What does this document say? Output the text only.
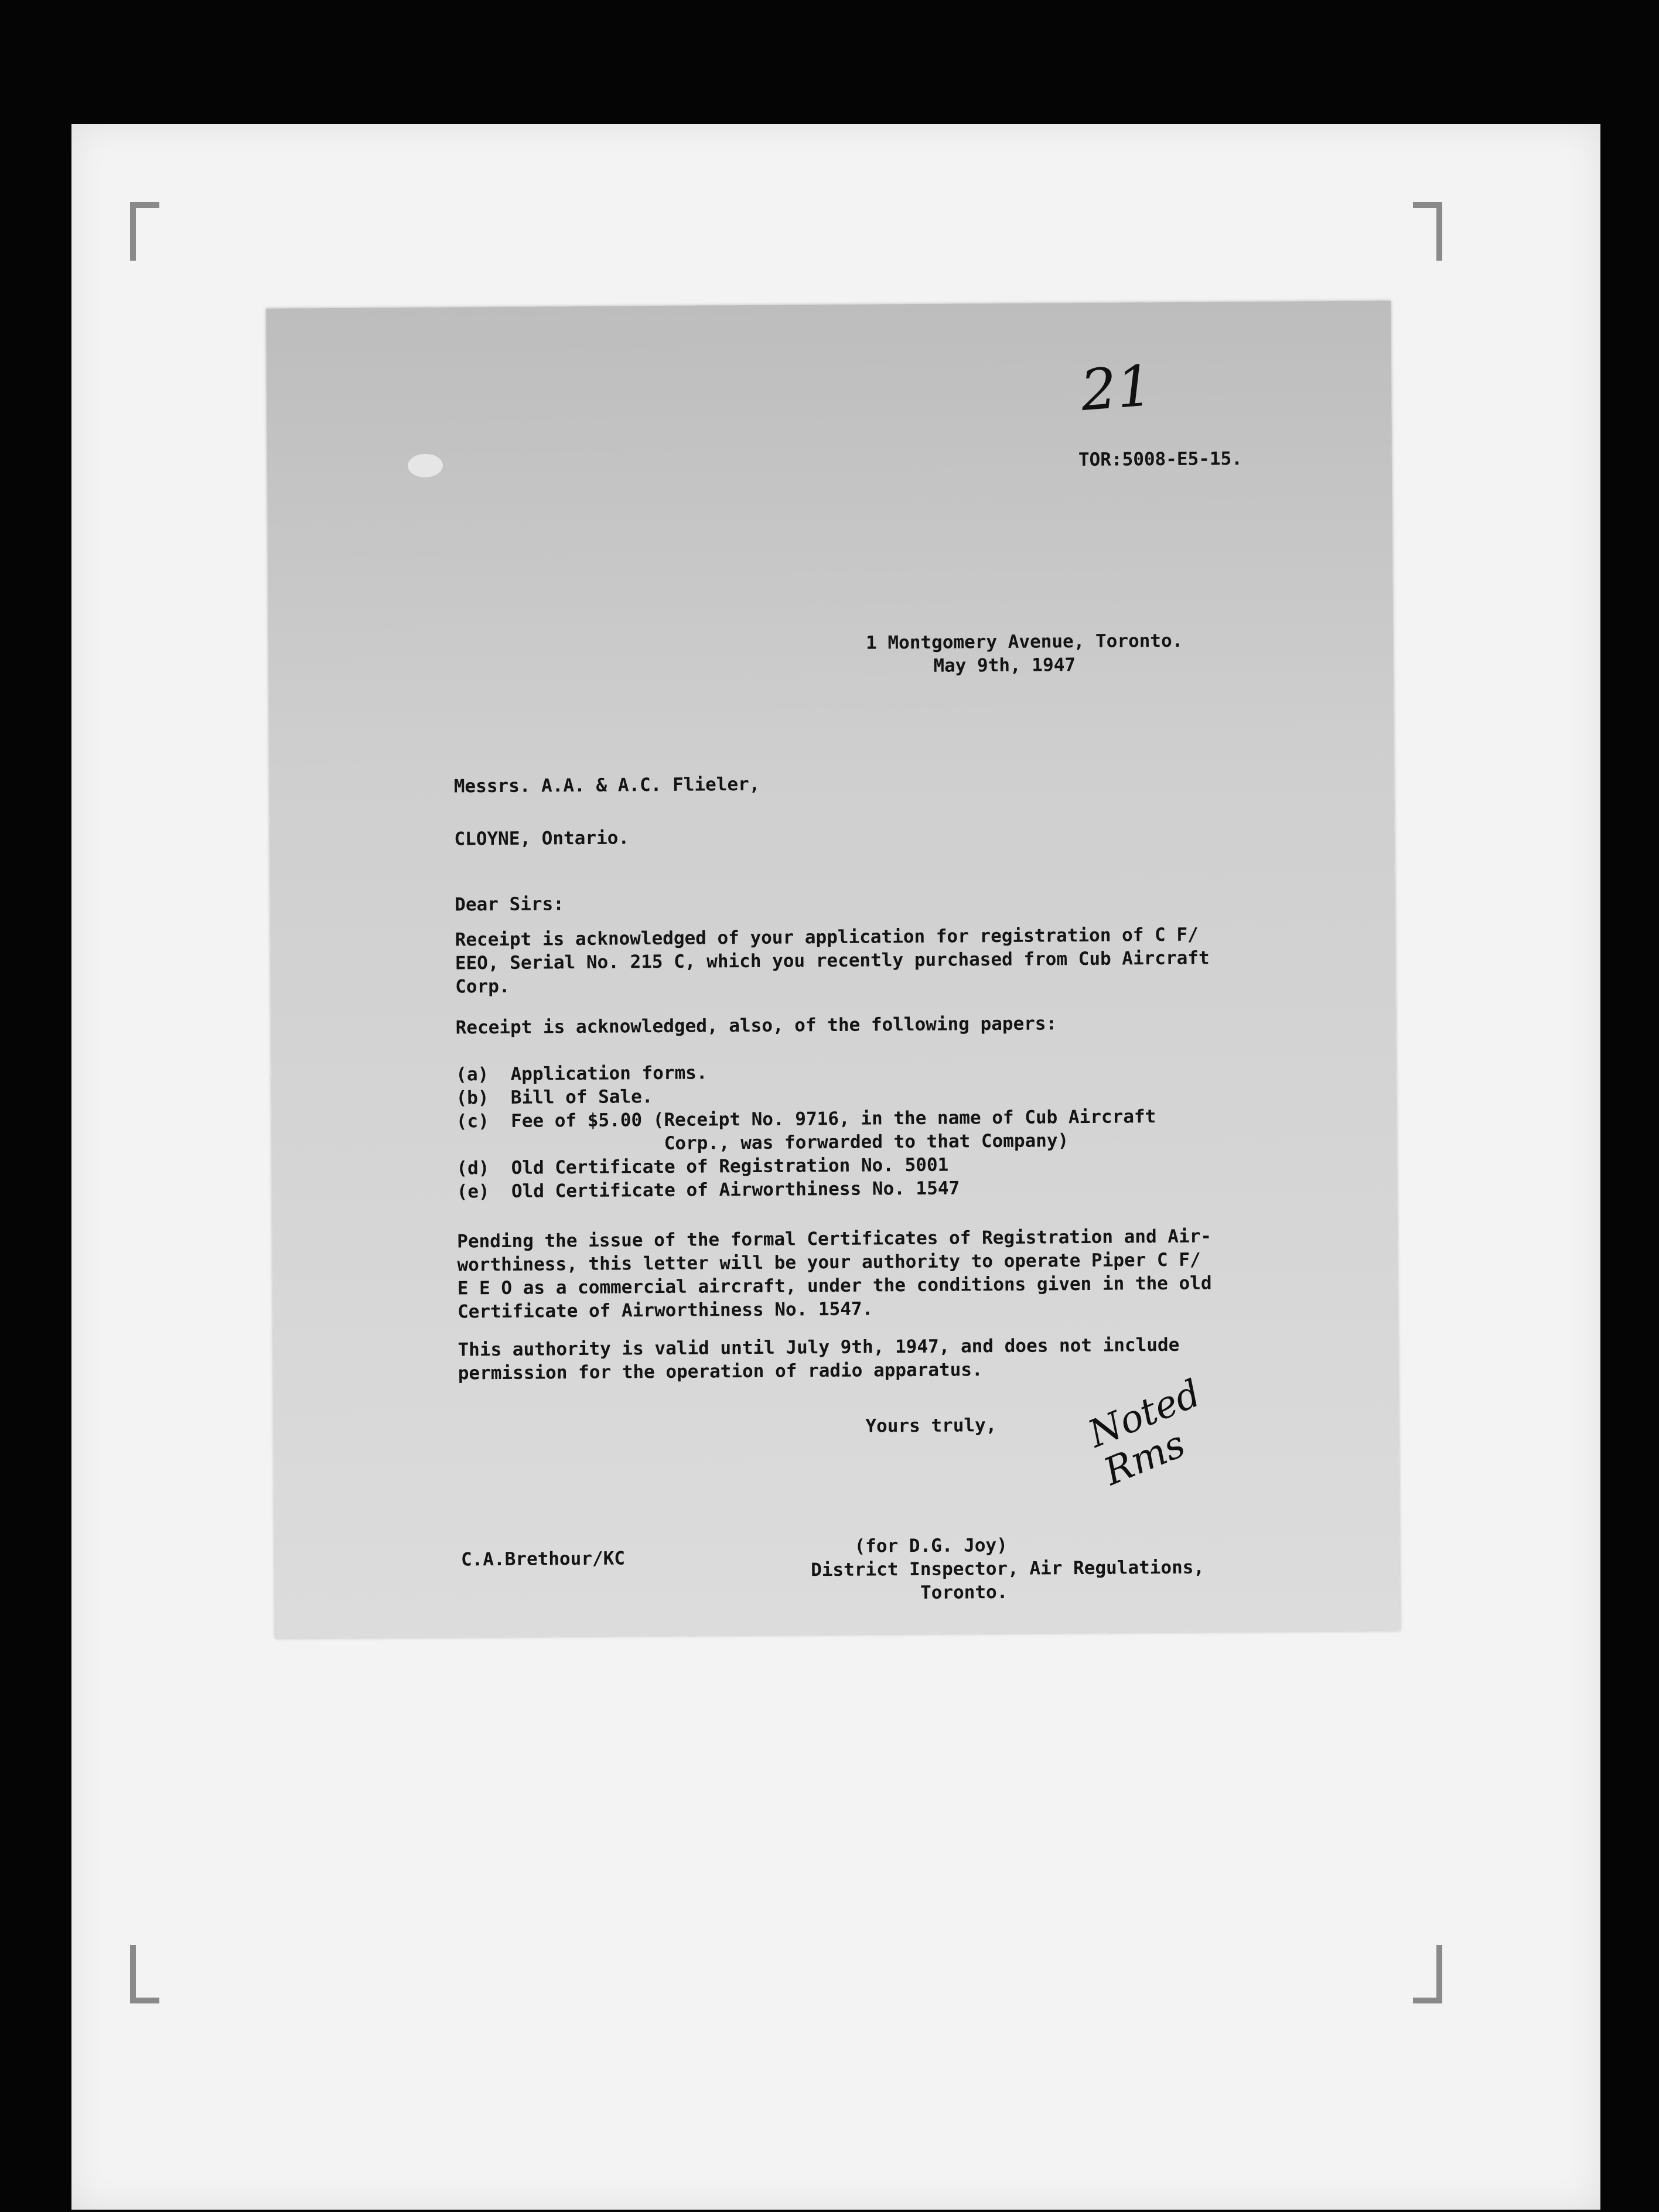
21

TOR:5008-E5-15.

1 Montgomery Avenue, Toronto.

May 9th, 1947

Messrs. A.A. & A.C. Flieler,

CLOYNE, Ontario.

Dear Sirs:

Receipt is acknowledged of your application for registration of C F/
EEO, Serial No. 215 C, which you recently purchased from Cub Aircraft
Corp.

Receipt is acknowledged, also, of the following papers:

(a)  Application forms.
(b)  Bill of Sale.
(c)  Fee of $5.00 (Receipt No. 9716, in the name of Cub Aircraft
Corp., was forwarded to that Company)
(d)  Old Certificate of Registration No. 5001
(e)  Old Certificate of Airworthiness No. 1547

Pending the issue of the formal Certificates of Registration and Air-
worthiness, this letter will be your authority to operate Piper C F/
E E O as a commercial aircraft, under the conditions given in the old
Certificate of Airworthiness No. 1547.

This authority is valid until July 9th, 1947, and does not include
permission for the operation of radio apparatus.

Yours truly, Noted
Rms

C.A.Brethour/KC

(for D.G. Joy)
District Inspector, Air Regulations,
Toronto.
